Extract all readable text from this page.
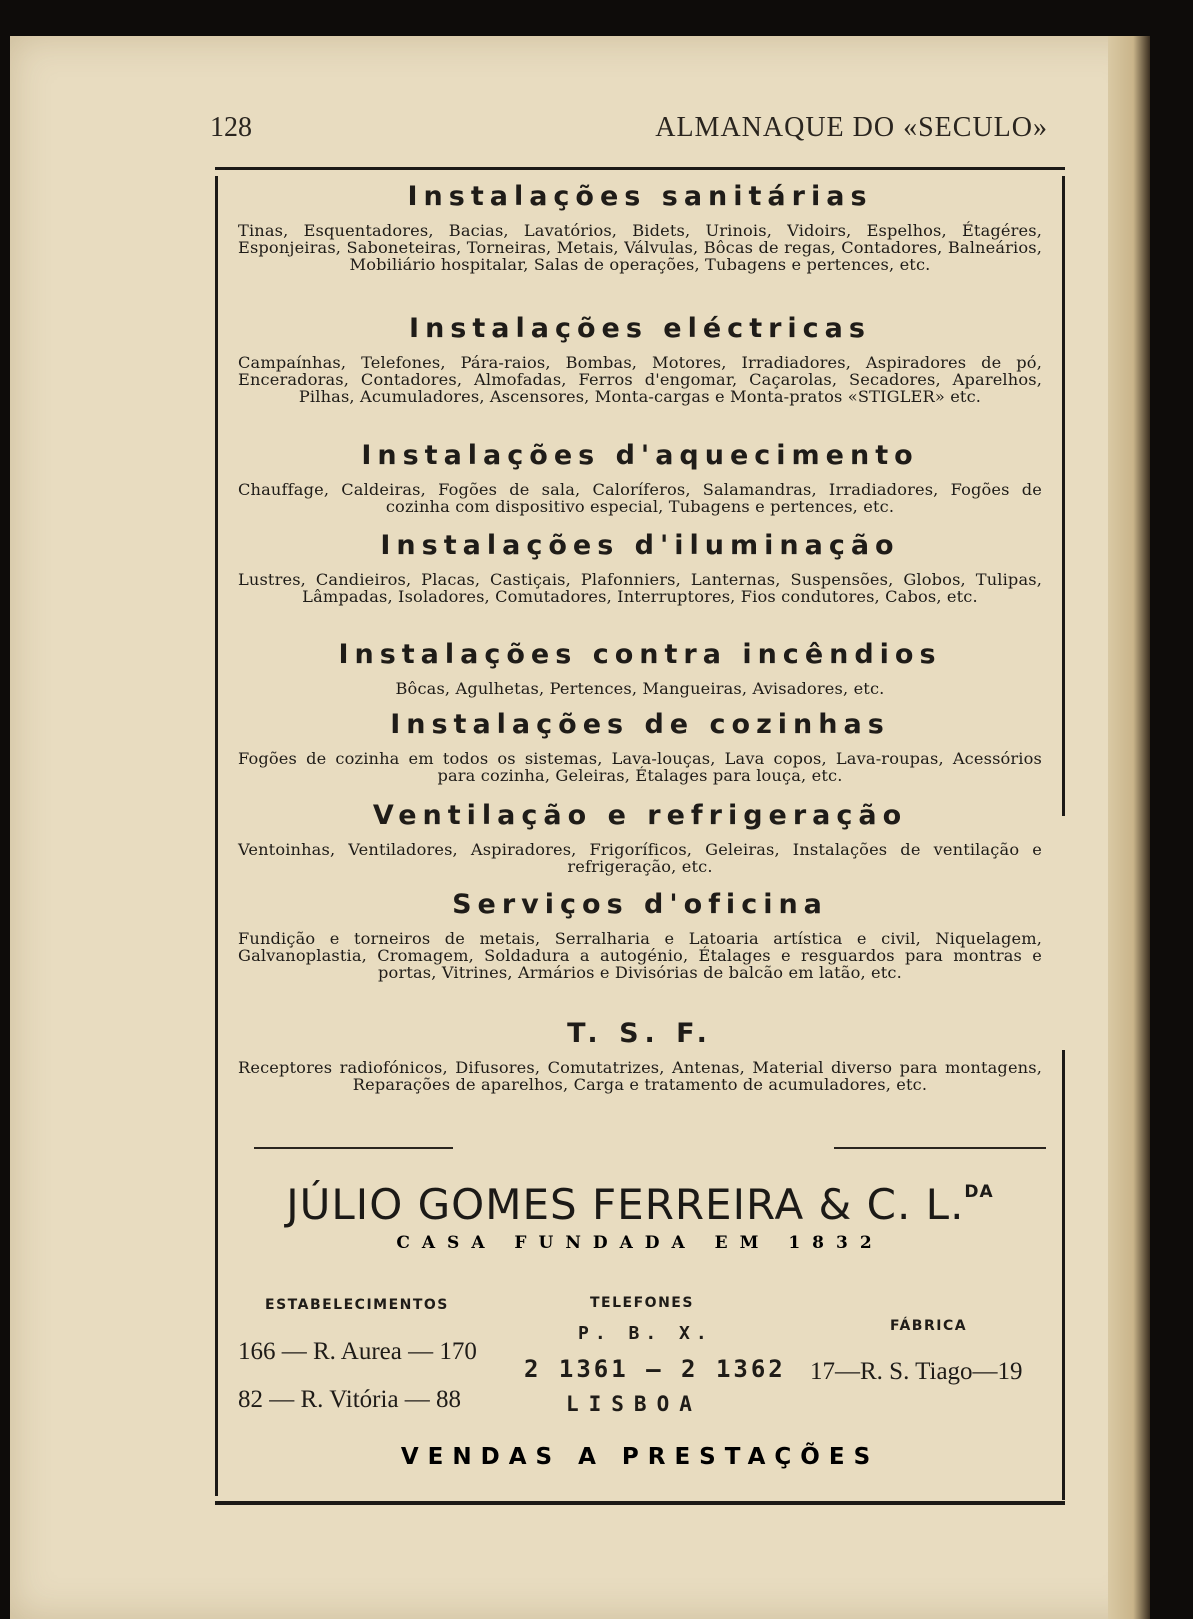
128	ALMANAQUE DO «SECULO»
Instalações sanitárias

Tinas, Esquentadores, Bacias, Lavatórios, Bidets, Urinois, Vidoirs, Espelhos, Étagéres, Esponjeiras, Saboneteiras, Torneiras, Metais, Válvulas, Bôcas de regas, Contadores, Balneários, Mobiliário hospitalar, Salas de operações, Tubagens e pertences, etc.

Instalações eléctricas

Campaínhas, Telefones, Pára-raios, Bombas, Motores, Irradiadores, Aspiradores de pó, Enceradoras, Contadores, Almofadas, Ferros d'engomar, Caçarolas, Secadores, Aparelhos, Pilhas, Acumuladores, Ascensores, Monta-cargas e Monta-pratos «STIGLER» etc.

Instalações d'aquecimento

Chauffage, Caldeiras, Fogões de sala, Caloríferos, Salamandras, Irradiadores, Fogões de cozinha com dispositivo especial, Tubagens e pertences, etc.

Instalações d'iluminação

Lustres, Candieiros, Placas, Castiçais, Plafonniers, Lanternas, Suspensões, Globos, Tulipas, Lâmpadas, Isoladores, Comutadores, Interruptores, Fios condutores, Cabos, etc.

Instalações contra incêndios

Bôcas, Agulhetas, Pertences, Mangueiras, Avisadores, etc.

Instalações de cozinhas

Fogões de cozinha em todos os sistemas, Lava-louças, Lava copos, Lava-roupas, Acessórios para cozinha, Geleiras, Étalages para louça, etc.

Ventilação e refrigeração

Ventoinhas, Ventiladores, Aspiradores, Frigoríficos, Geleiras, Instalações de ventilação e refrigeração, etc.

Serviços d'oficina

Fundição e torneiros de metais, Serralharia e Latoaria artística e civil, Niquelagem, Galvanoplastia, Cromagem, Soldadura a autogénio, Étalages e resguardos para montras e portas, Vitrines, Armários e Divisórias de balcão em latão, etc.

T. S. F.

Receptores radiofónicos, Difusores, Comutatrizes, Antenas, Material diverso para montagens, Reparações de aparelhos, Carga e tratamento de acumuladores, etc.

JÚLIO GOMES FERREIRA & C. L.$^{DA}$
CASA FUNDADA EM 1832
ESTABELECIMENTOS
166 — R. Aurea — 170
82 — R. Vitória — 88
TELEFONES
P. B. X.
2 1361 — 2 1362
LISBOA
FÁBRICA
17—R. S. Tiago—19
VENDAS A PRESTAÇÕES
